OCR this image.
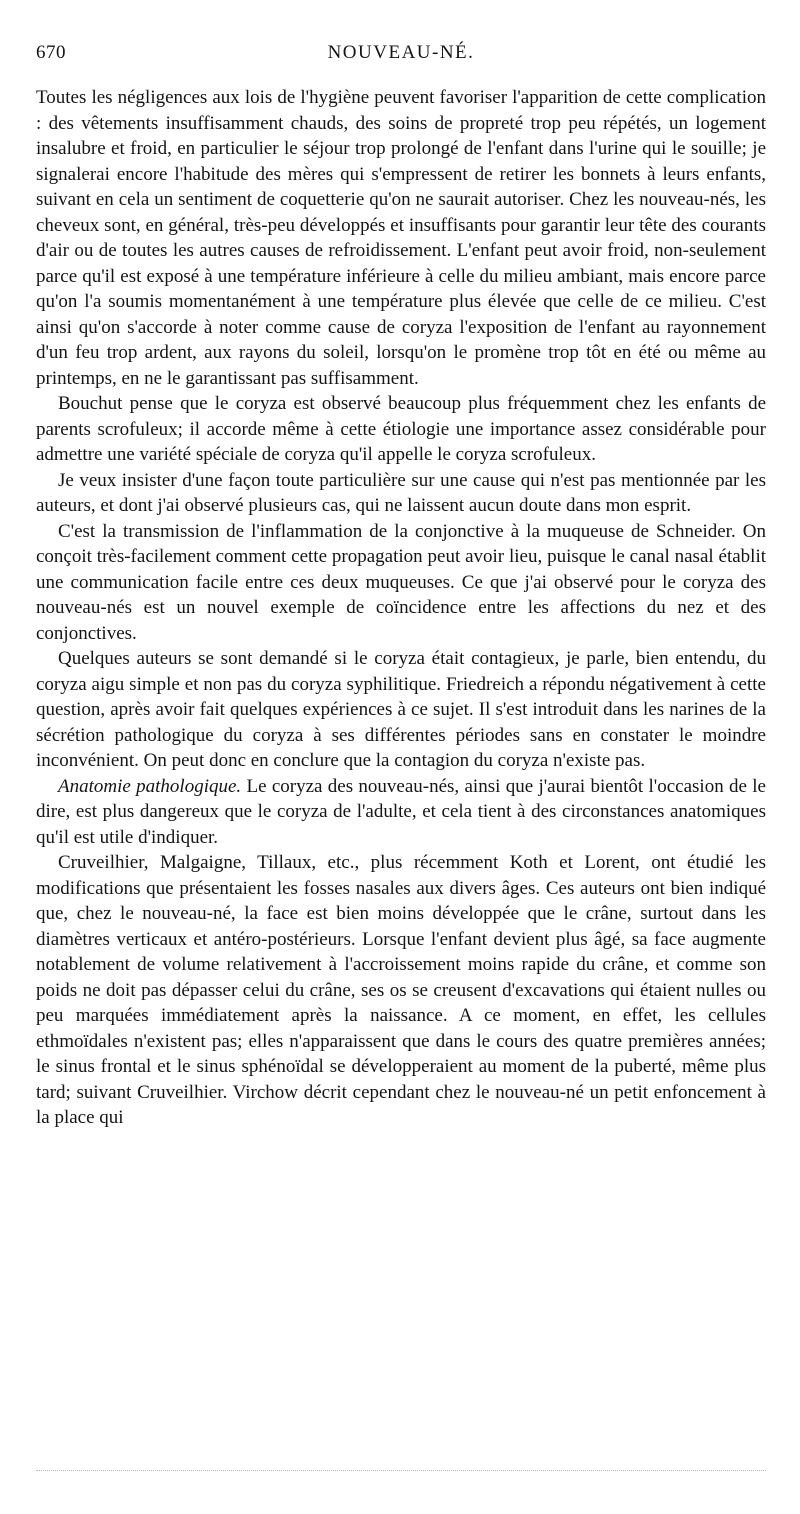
670	NOUVEAU-NÉ.

Toutes les négligences aux lois de l'hygiène peuvent favoriser l'apparition de cette complication : des vêtements insuffisamment chauds, des soins de propreté trop peu répétés, un logement insalubre et froid, en particulier le séjour trop prolongé de l'enfant dans l'urine qui le souille; je signalerai encore l'habitude des mères qui s'empressent de retirer les bonnets à leurs enfants, suivant en cela un sentiment de coquetterie qu'on ne saurait autoriser. Chez les nouveau-nés, les cheveux sont, en général, très-peu développés et insuffisants pour garantir leur tête des courants d'air ou de toutes les autres causes de refroidissement. L'enfant peut avoir froid, non-seulement parce qu'il est exposé à une température inférieure à celle du milieu ambiant, mais encore parce qu'on l'a soumis momentanément à une température plus élevée que celle de ce milieu. C'est ainsi qu'on s'accorde à noter comme cause de coryza l'exposition de l'enfant au rayonnement d'un feu trop ardent, aux rayons du soleil, lorsqu'on le promène trop tôt en été ou même au printemps, en ne le garantissant pas suffisamment.

Bouchut pense que le coryza est observé beaucoup plus fréquemment chez les enfants de parents scrofuleux; il accorde même à cette étiologie une importance assez considérable pour admettre une variété spéciale de coryza qu'il appelle le coryza scrofuleux.

Je veux insister d'une façon toute particulière sur une cause qui n'est pas mentionnée par les auteurs, et dont j'ai observé plusieurs cas, qui ne laissent aucun doute dans mon esprit.

C'est la transmission de l'inflammation de la conjonctive à la muqueuse de Schneider. On conçoit très-facilement comment cette propagation peut avoir lieu, puisque le canal nasal établit une communication facile entre ces deux muqueuses. Ce que j'ai observé pour le coryza des nouveau-nés est un nouvel exemple de coïncidence entre les affections du nez et des conjonctives.

Quelques auteurs se sont demandé si le coryza était contagieux, je parle, bien entendu, du coryza aigu simple et non pas du coryza syphilitique. Friedreich a répondu négativement à cette question, après avoir fait quelques expériences à ce sujet. Il s'est introduit dans les narines de la sécrétion pathologique du coryza à ses différentes périodes sans en constater le moindre inconvénient. On peut donc en conclure que la contagion du coryza n'existe pas.

Anatomie pathologique. Le coryza des nouveau-nés, ainsi que j'aurai bientôt l'occasion de le dire, est plus dangereux que le coryza de l'adulte, et cela tient à des circonstances anatomiques qu'il est utile d'indiquer.

Cruveilhier, Malgaigne, Tillaux, etc., plus récemment Koth et Lorent, ont étudié les modifications que présentaient les fosses nasales aux divers âges. Ces auteurs ont bien indiqué que, chez le nouveau-né, la face est bien moins développée que le crâne, surtout dans les diamètres verticaux et antéro-postérieurs. Lorsque l'enfant devient plus âgé, sa face augmente notablement de volume relativement à l'accroissement moins rapide du crâne, et comme son poids ne doit pas dépasser celui du crâne, ses os se creusent d'excavations qui étaient nulles ou peu marquées immédiatement après la naissance. A ce moment, en effet, les cellules ethmoïdales n'existent pas; elles n'apparaissent que dans le cours des quatre premières années; le sinus frontal et le sinus sphénoïdal se développeraient au moment de la puberté, même plus tard; suivant Cruveilhier. Virchow décrit cependant chez le nouveau-né un petit enfoncement à la place qui
